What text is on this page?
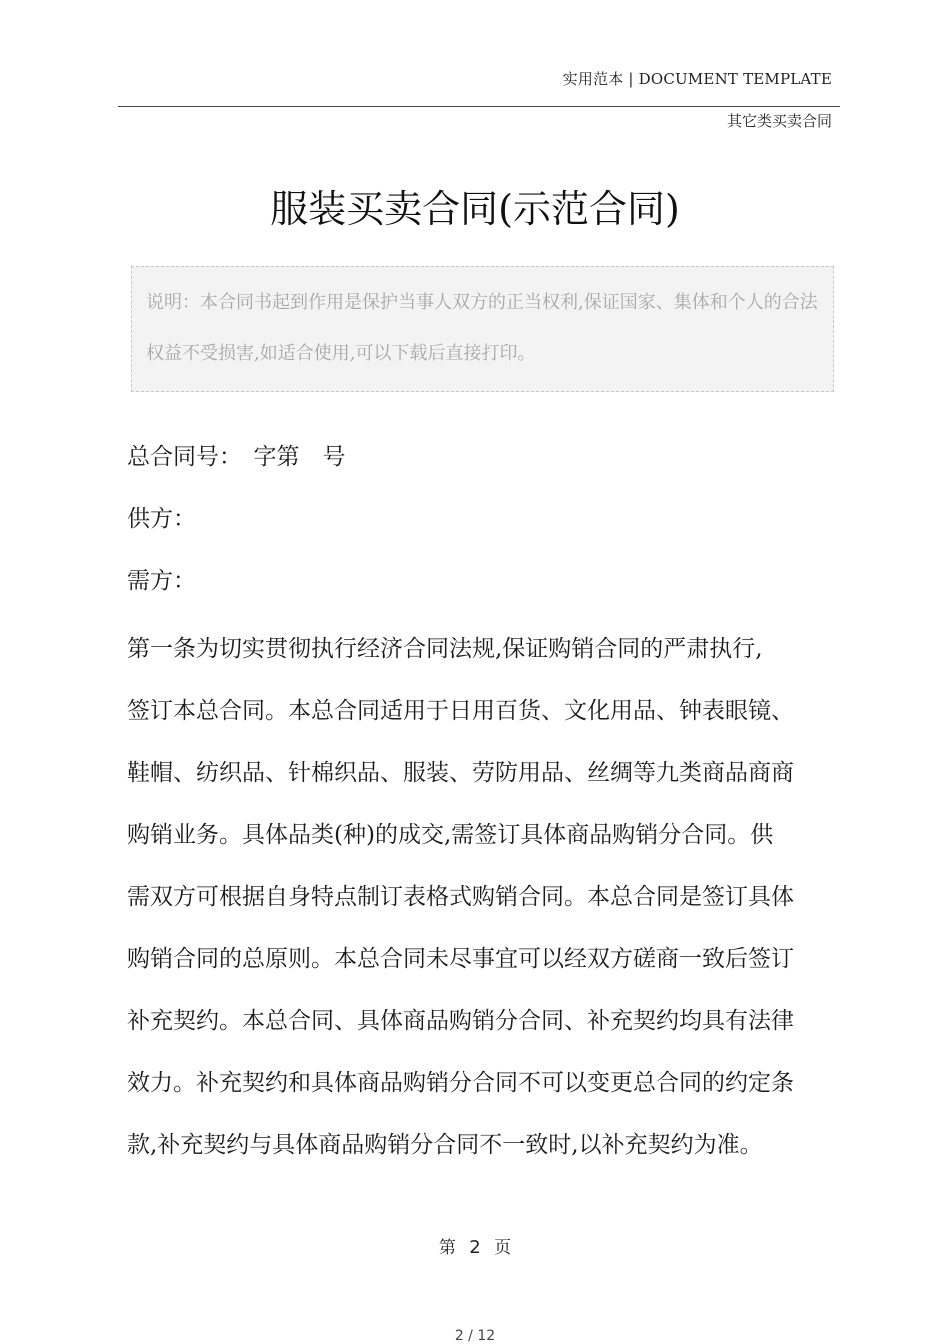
实用范本 | DOCUMENT TEMPLATE
其它类买卖合同
服装买卖合同(示范合同)

说明：本合同书起到作用是保护当事人双方的正当权利,保证国家、集体和个人的合法权益不受损害,如适合使用,可以下载后直接打印。

总合同号：　字第　号

供方：

需方：

第一条为切实贯彻执行经济合同法规,保证购销合同的严肃执行,
签订本总合同。本总合同适用于日用百货、文化用品、钟表眼镜、
鞋帽、纺织品、针棉织品、服装、劳防用品、丝绸等九类商品商商
购销业务。具体品类(种)的成交,需签订具体商品购销分合同。供
需双方可根据自身特点制订表格式购销合同。本总合同是签订具体
购销合同的总原则。本总合同未尽事宜可以经双方磋商一致后签订
补充契约。本总合同、具体商品购销分合同、补充契约均具有法律
效力。补充契约和具体商品购销分合同不可以变更总合同的约定条
款,补充契约与具体商品购销分合同不一致时,以补充契约为准。
第 2 页
2 / 12
